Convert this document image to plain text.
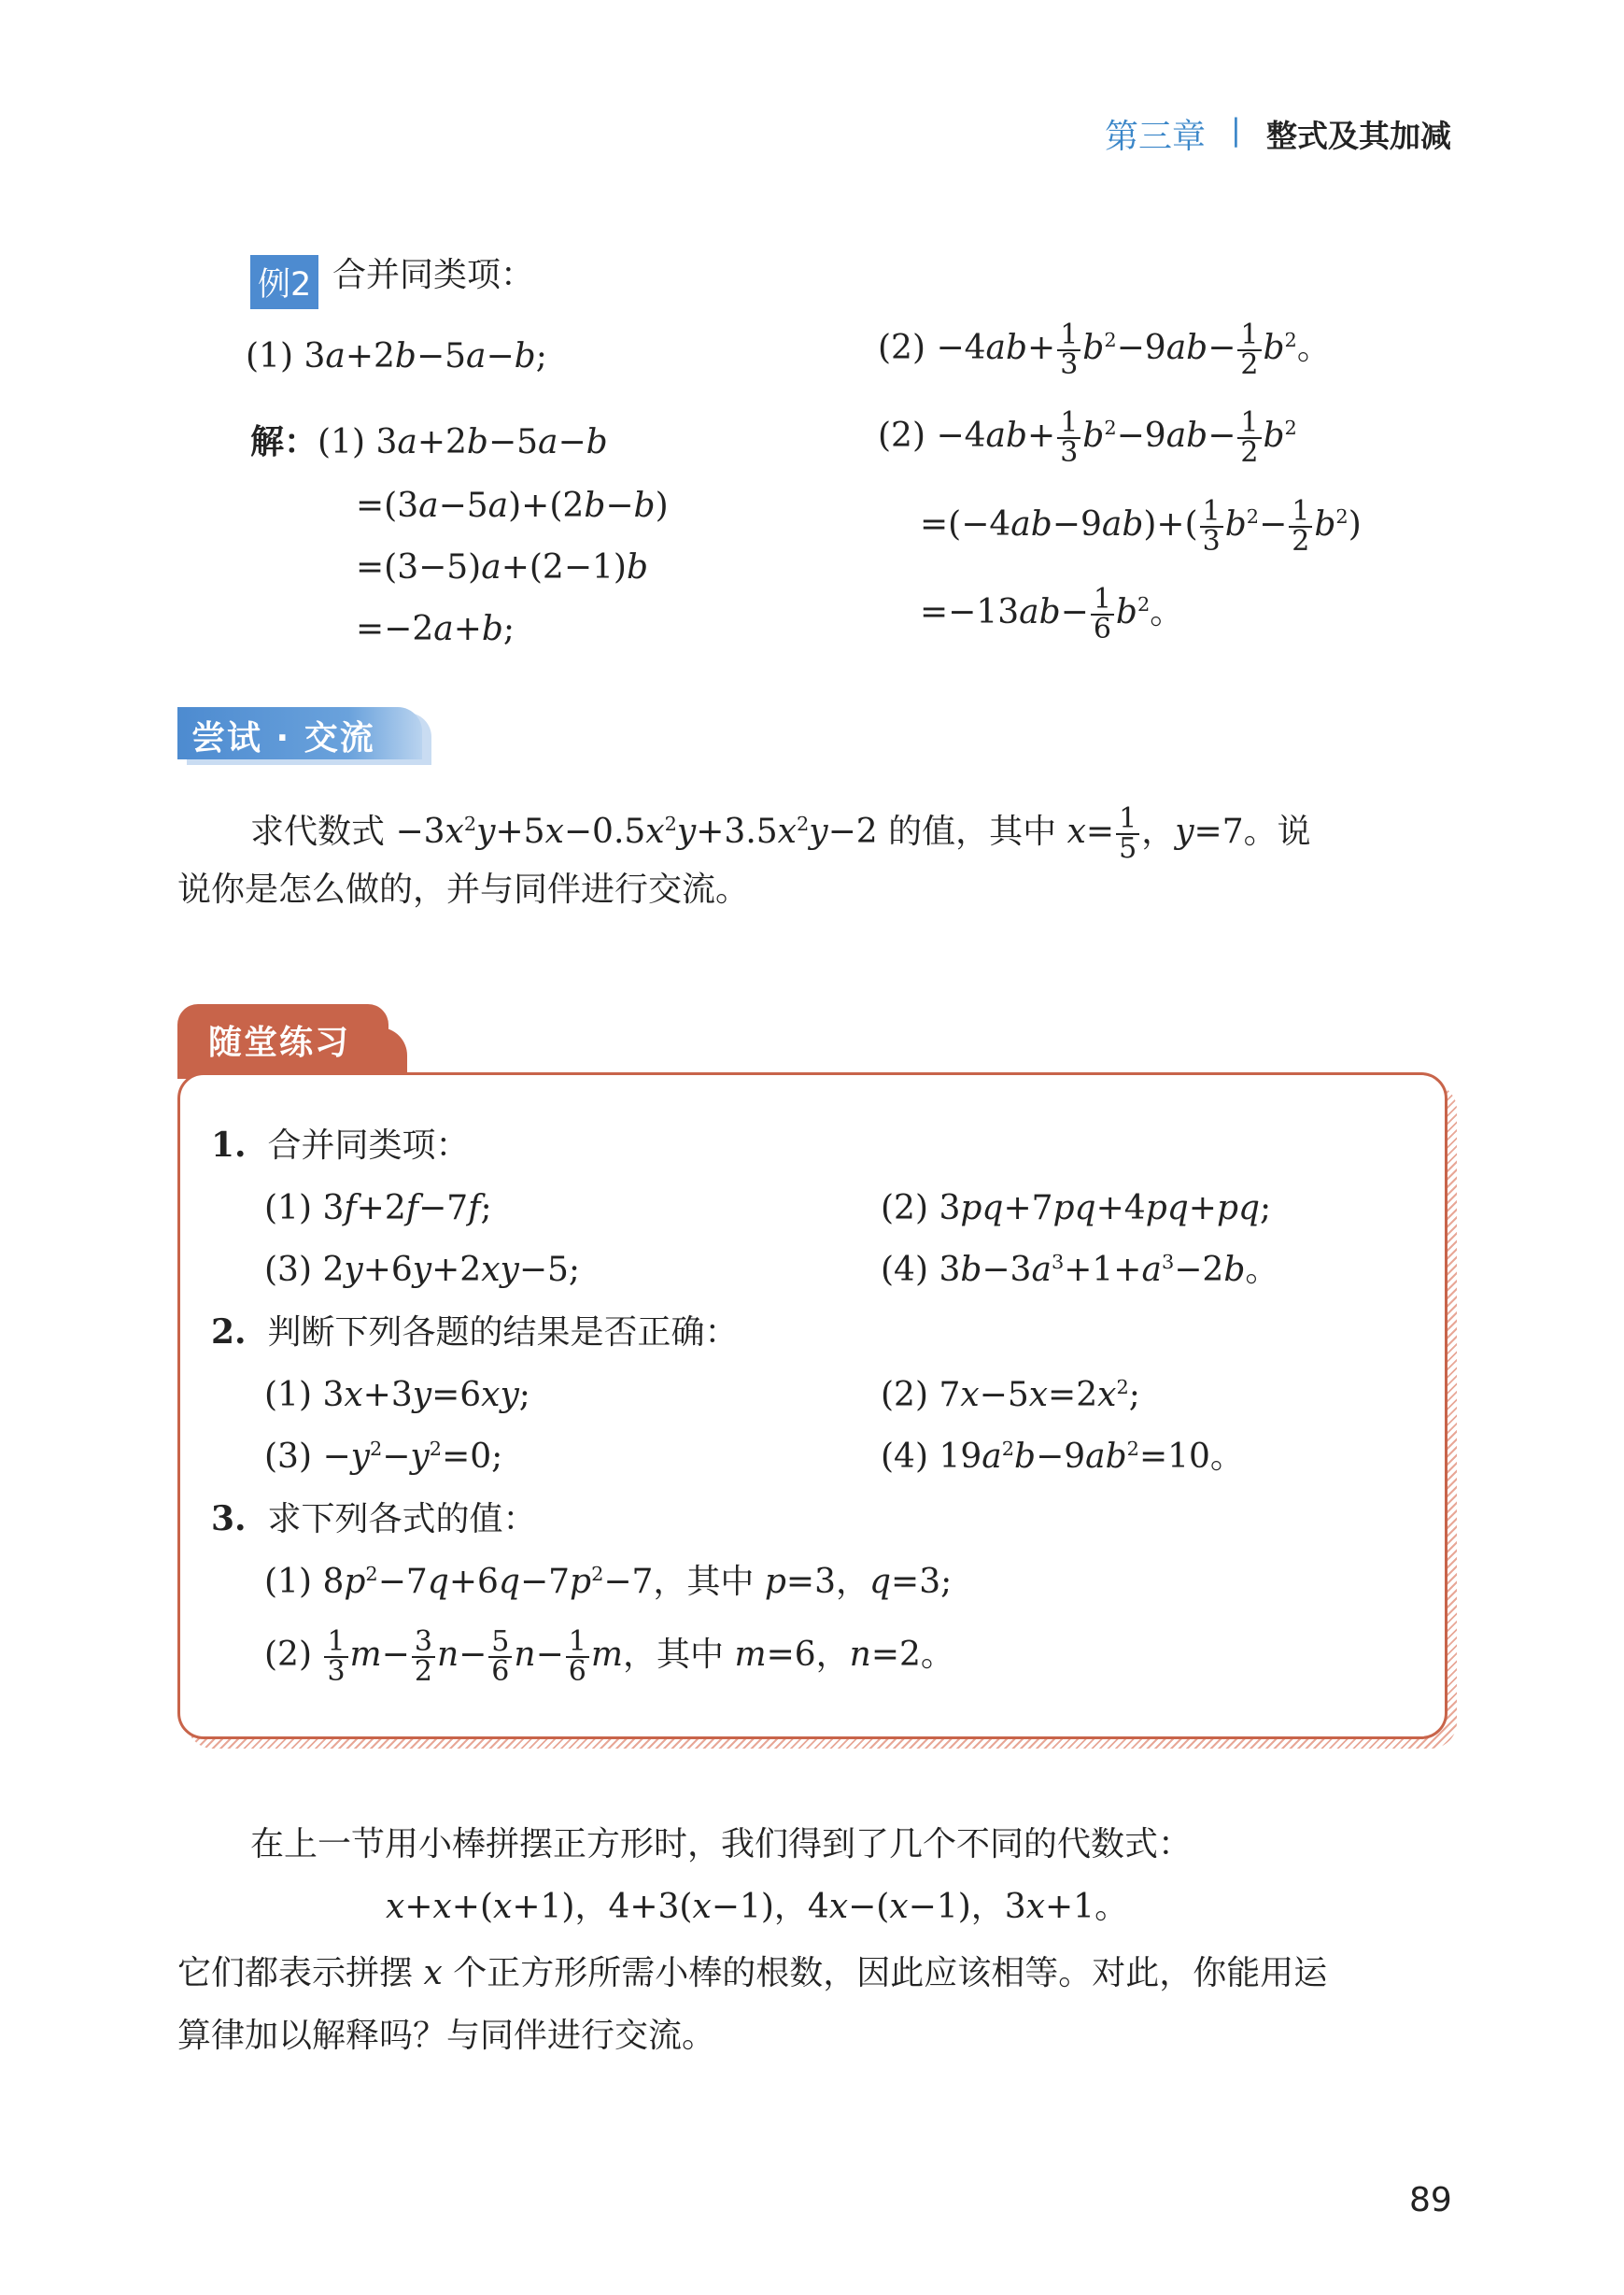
第三章 | 整式及其加减
例2 合并同类项：
(1) 3a+2b−5a−b;	$(2) -4ab+ \frac{1}{3} b^2-9ab- \frac{1}{2} b^2$。
解：(1) 3a+2b−5a−b
=(3a−5a)+(2b−b)
=(3−5)a+(2−1)b
=−2a+b;
$(2) -4ab+ \frac{1}{3} b^2-9ab- \frac{1}{2} b^2$
$=(-4ab-9ab)+( \frac{1}{3} b^2- \frac{1}{2} b^2)$
$=-13ab- \frac{1}{6} b^2$。
尝试 · 交流
求代数式 $-3x^2y+5x-0.5x^2y+3.5x^2y-2$ 的值，其中 $x= \frac{1}{5}$ ，y=7。说
说你是怎么做的，并与同伴进行交流。
随堂练习
1. 合并同类项：
(1) 3f+2f−7f;	(2) 3pq+7pq+4pq+pq;
(3) 2y+6y+2xy−5;	(4) $3b-3a^3+1+a^3-2b$。
2. 判断下列各题的结果是否正确：
(1) 3x+3y=6xy;	(2) $7x-5x=2x^2$;
$(3) -y^2-y^2=0$;	(4) $19a^2b-9ab^2=10$。
3. 求下列各式的值：
(1) $8p^2-7q+6q-7p^2-7$，其中 p=3，q=3;
$(2) \frac{1}{3} m- \frac{3}{2} n- \frac{5}{6} n- \frac{1}{6}$ m，其中 m=6，n=2。
在上一节用小棒拼摆正方形时，我们得到了几个不同的代数式：
x+x+(x+1)，4+3(x−1)，4x−(x−1)，3x+1。
它们都表示拼摆 x 个正方形所需小棒的根数，因此应该相等。对此，你能用运
算律加以解释吗？与同伴进行交流。
89
